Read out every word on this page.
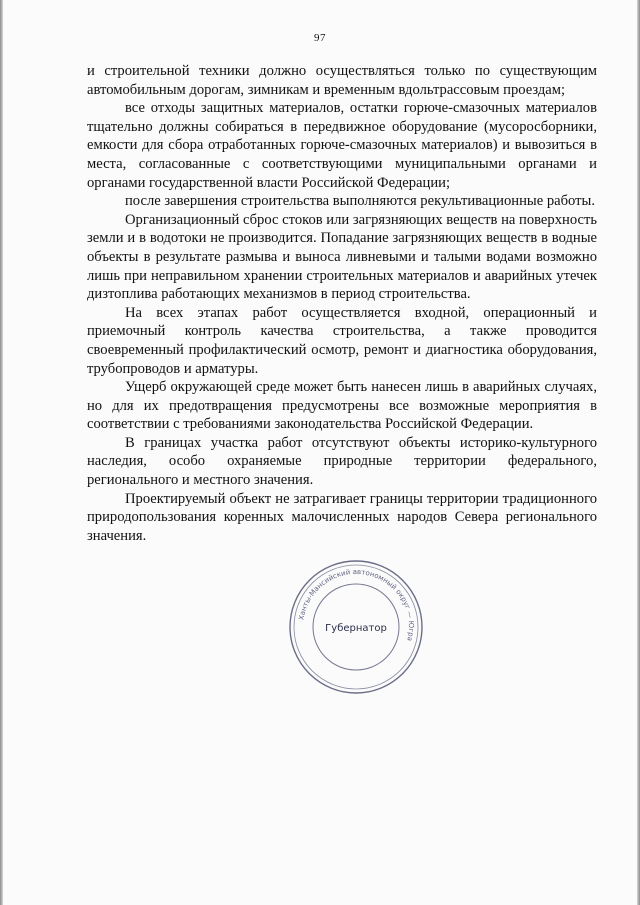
97

и строительной техники должно осуществляться только по существующим автомобильным дорогам, зимникам и временным вдольтрассовым проездам;

все отходы защитных материалов, остатки горюче-смазочных материалов тщательно должны собираться в передвижное оборудование (мусоросборники, емкости для сбора отработанных горюче-смазочных материалов) и вывозиться в места, согласованные с соответствующими муниципальными органами и органами государственной власти Российской Федерации;

после завершения строительства выполняются рекультивационные работы.

Организационный сброс стоков или загрязняющих веществ на поверхность земли и в водотоки не производится. Попадание загрязняющих веществ в водные объекты в результате размыва и выноса ливневыми и талыми водами возможно лишь при неправильном хранении строительных материалов и аварийных утечек дизтоплива работающих механизмов в период строительства.

На всех этапах работ осуществляется входной, операционный и приемочный контроль качества строительства, а также проводится своевременный профилактический осмотр, ремонт и диагностика оборудования, трубопроводов и арматуры.

Ущерб окружающей среде может быть нанесен лишь в аварийных случаях, но для их предотвращения предусмотрены все возможные мероприятия в соответствии с требованиями законодательства Российской Федерации.

В границах участка работ отсутствуют объекты историко-культурного наследия, особо охраняемые природные территории федерального, регионального и местного значения.

Проектируемый объект не затрагивает границы территории традиционного природопользования коренных малочисленных народов Севера регионального значения.

Ханты-Мансийский автономный округ — Югра
Губернатор
